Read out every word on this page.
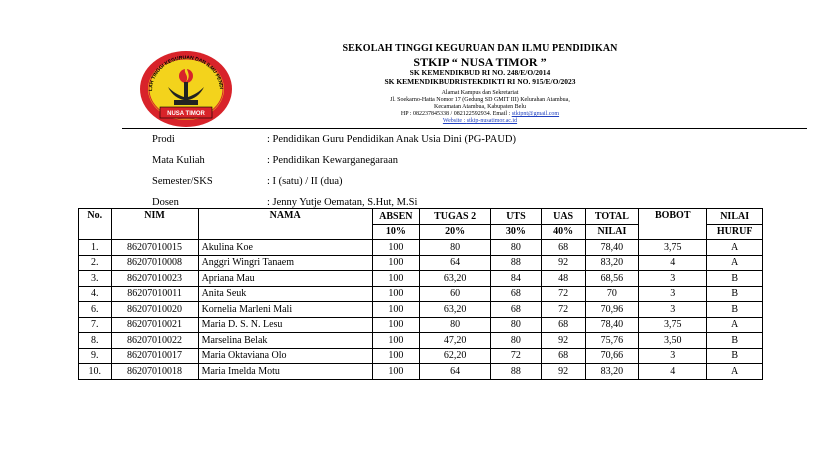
LAH TINGGI KEGURUAN DAN ILMU PENDI
NUSA TIMOR
SEKOLAH TINGGI KEGURUAN DAN ILMU PENDIDIKAN
STKIP “ NUSA TIMOR ”
SK KEMENDIKBUD RI NO. 248/E/O/2014
SK KEMENDIKBUDRISTEKDIKTI RI NO. 915/E/O/2023
Alamat Kampus dan Sekretariat
Jl. Soekarno-Hatta Nomor 17 (Gedung SD GMIT III) Kelurahan Atambua,
Kecamatan Atambua, Kabupaten Belu
HP : 082237845338 / 082122592934. Email : stkipnt@gmail.com
Website : stkip-nusatimor.ac.id
Prodi	: Pendidikan Guru Pendidikan Anak Usia Dini (PG-PAUD)
Mata Kuliah	: Pendidikan Kewarganegaraan
Semester/SKS	: I (satu) / II (dua)
Dosen	: Jenny Yutje Oematan, S.Hut, M.Si
No.	NIM	NAMA	ABSEN	TUGAS 2	UTS	UAS	TOTAL	BOBOT	NILAI
			10%	20%	30%	40%	NILAI		HURUF
1.	86207010015	Akulina Koe	100	80	80	68	78,40	3,75	A
2.	86207010008	Anggri Wingri Tanaem	100	64	88	92	83,20	4	A
3.	86207010023	Apriana Mau	100	63,20	84	48	68,56	3	B
4.	86207010011	Anita Seuk	100	60	68	72	70	3	B
6.	86207010020	Kornelia Marleni Mali	100	63,20	68	72	70,96	3	B
7.	86207010021	Maria D. S. N. Lesu	100	80	80	68	78,40	3,75	A
8.	86207010022	Marselina Belak	100	47,20	80	92	75,76	3,50	B
9.	86207010017	Maria Oktaviana Olo	100	62,20	72	68	70,66	3	B
10.	86207010018	Maria Imelda Motu	100	64	88	92	83,20	4	A
